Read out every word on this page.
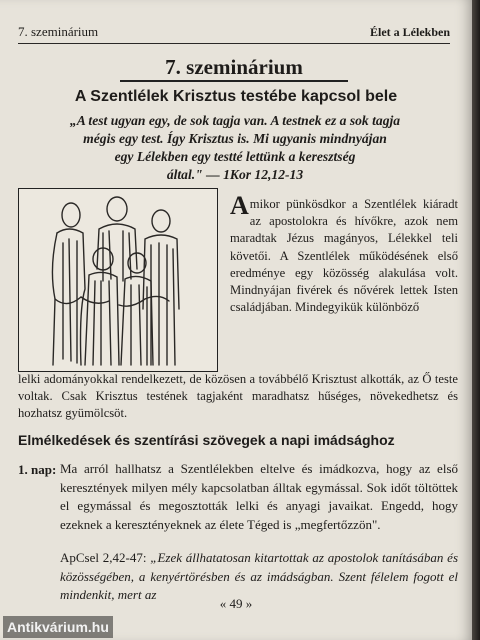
7. szeminárium	Élet a Lélekben
7. szeminárium
A Szentlélek Krisztus testébe kapcsol bele
„A test ugyan egy, de sok tagja van. A testnek ez a sok tagja
mégis egy test. Így Krisztus is. Mi ugyanis mindnyájan
egy Lélekben egy testté lettünk a keresztség
által." — 1Kor 12,12-13
Amikor pünkösdkor a Szentlélek kiáradt az apostolokra és hívőkre, azok nem maradtak Jézus magányos, Lélekkel teli követői. A Szentlélek működésének első eredménye egy közösség alakulása volt. Mindnyájan fivérek és nővérek lettek Isten családjában. Mindegyikük különböző
lelki adományokkal rendelkezett, de közösen a továbbélő Krisztust alkották, az Ő teste voltak. Csak Krisztus testének tagjaként maradhatsz hűséges, növekedhetsz és hozhatsz gyümölcsöt.
Elmélkedések és szentírási szövegek a napi imádsághoz
1. nap: Ma arról hallhatsz a Szentlélekben eltelve és imádkozva, hogy az első keresztények milyen mély kapcsolatban álltak egymással. Sok időt töltöttek el egymással és megosztották lelki és anyagi javaikat. Engedd, hogy ezeknek a keresztényeknek az élete Téged is „megfertőzzön".
ApCsel 2,42-47: „Ezek állhatatosan kitartottak az apostolok tanításában és közösségében, a kenyértörésben és az imádságban. Szent félelem fogott el mindenkit, mert az
« 49 »
Antikvárium.hu
